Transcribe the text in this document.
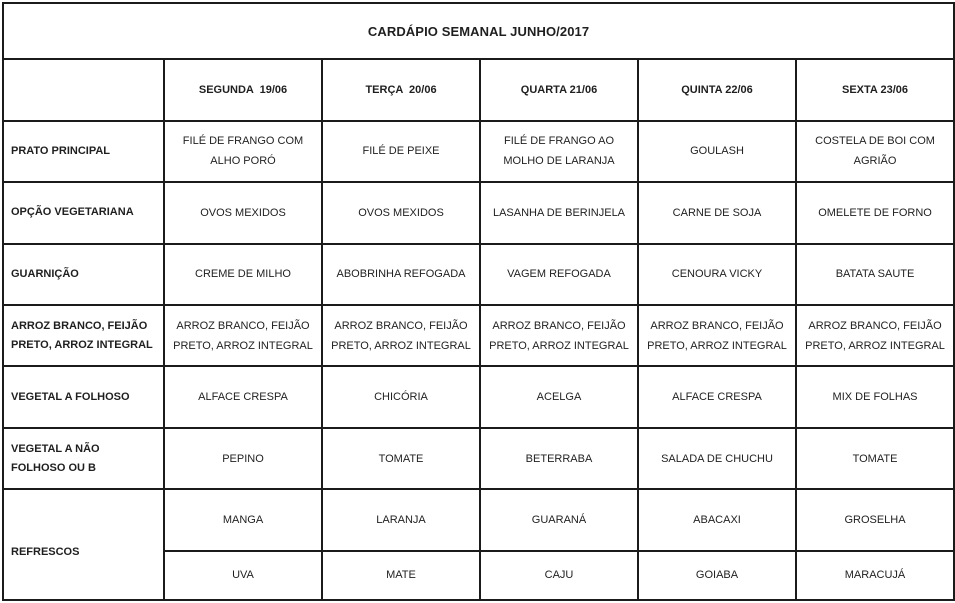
CARDÁPIO SEMANAL JUNHO/2017					
	SEGUNDA  19/06	TERÇA  20/06	QUARTA 21/06	QUINTA 22/06	SEXTA 23/06
PRATO PRINCIPAL	FILÉ DE FRANGO COM ALHO PORÓ	FILÉ DE PEIXE	FILÉ DE FRANGO AO MOLHO DE LARANJA	GOULASH	COSTELA DE BOI COM AGRIÃO
OPÇÃO VEGETARIANA	OVOS MEXIDOS	OVOS MEXIDOS	LASANHA DE BERINJELA	CARNE DE SOJA	OMELETE DE FORNO
GUARNIÇÃO	CREME DE MILHO	ABOBRINHA REFOGADA	VAGEM REFOGADA	CENOURA VICKY	BATATA SAUTE
ARROZ BRANCO, FEIJÃO PRETO, ARROZ INTEGRAL	ARROZ BRANCO, FEIJÃO PRETO, ARROZ INTEGRAL	ARROZ BRANCO, FEIJÃO PRETO, ARROZ INTEGRAL	ARROZ BRANCO, FEIJÃO PRETO, ARROZ INTEGRAL	ARROZ BRANCO, FEIJÃO PRETO, ARROZ INTEGRAL	ARROZ BRANCO, FEIJÃO PRETO, ARROZ INTEGRAL
VEGETAL A FOLHOSO	ALFACE CRESPA	CHICÓRIA	ACELGA	ALFACE CRESPA	MIX DE FOLHAS
VEGETAL A NÃO FOLHOSO OU B	PEPINO	TOMATE	BETERRABA	SALADA DE CHUCHU	TOMATE
REFRESCOS	MANGA	LARANJA	GUARANÁ	ABACAXI	GROSELHA
	UVA	MATE	CAJU	GOIABA	MARACUJÁ
